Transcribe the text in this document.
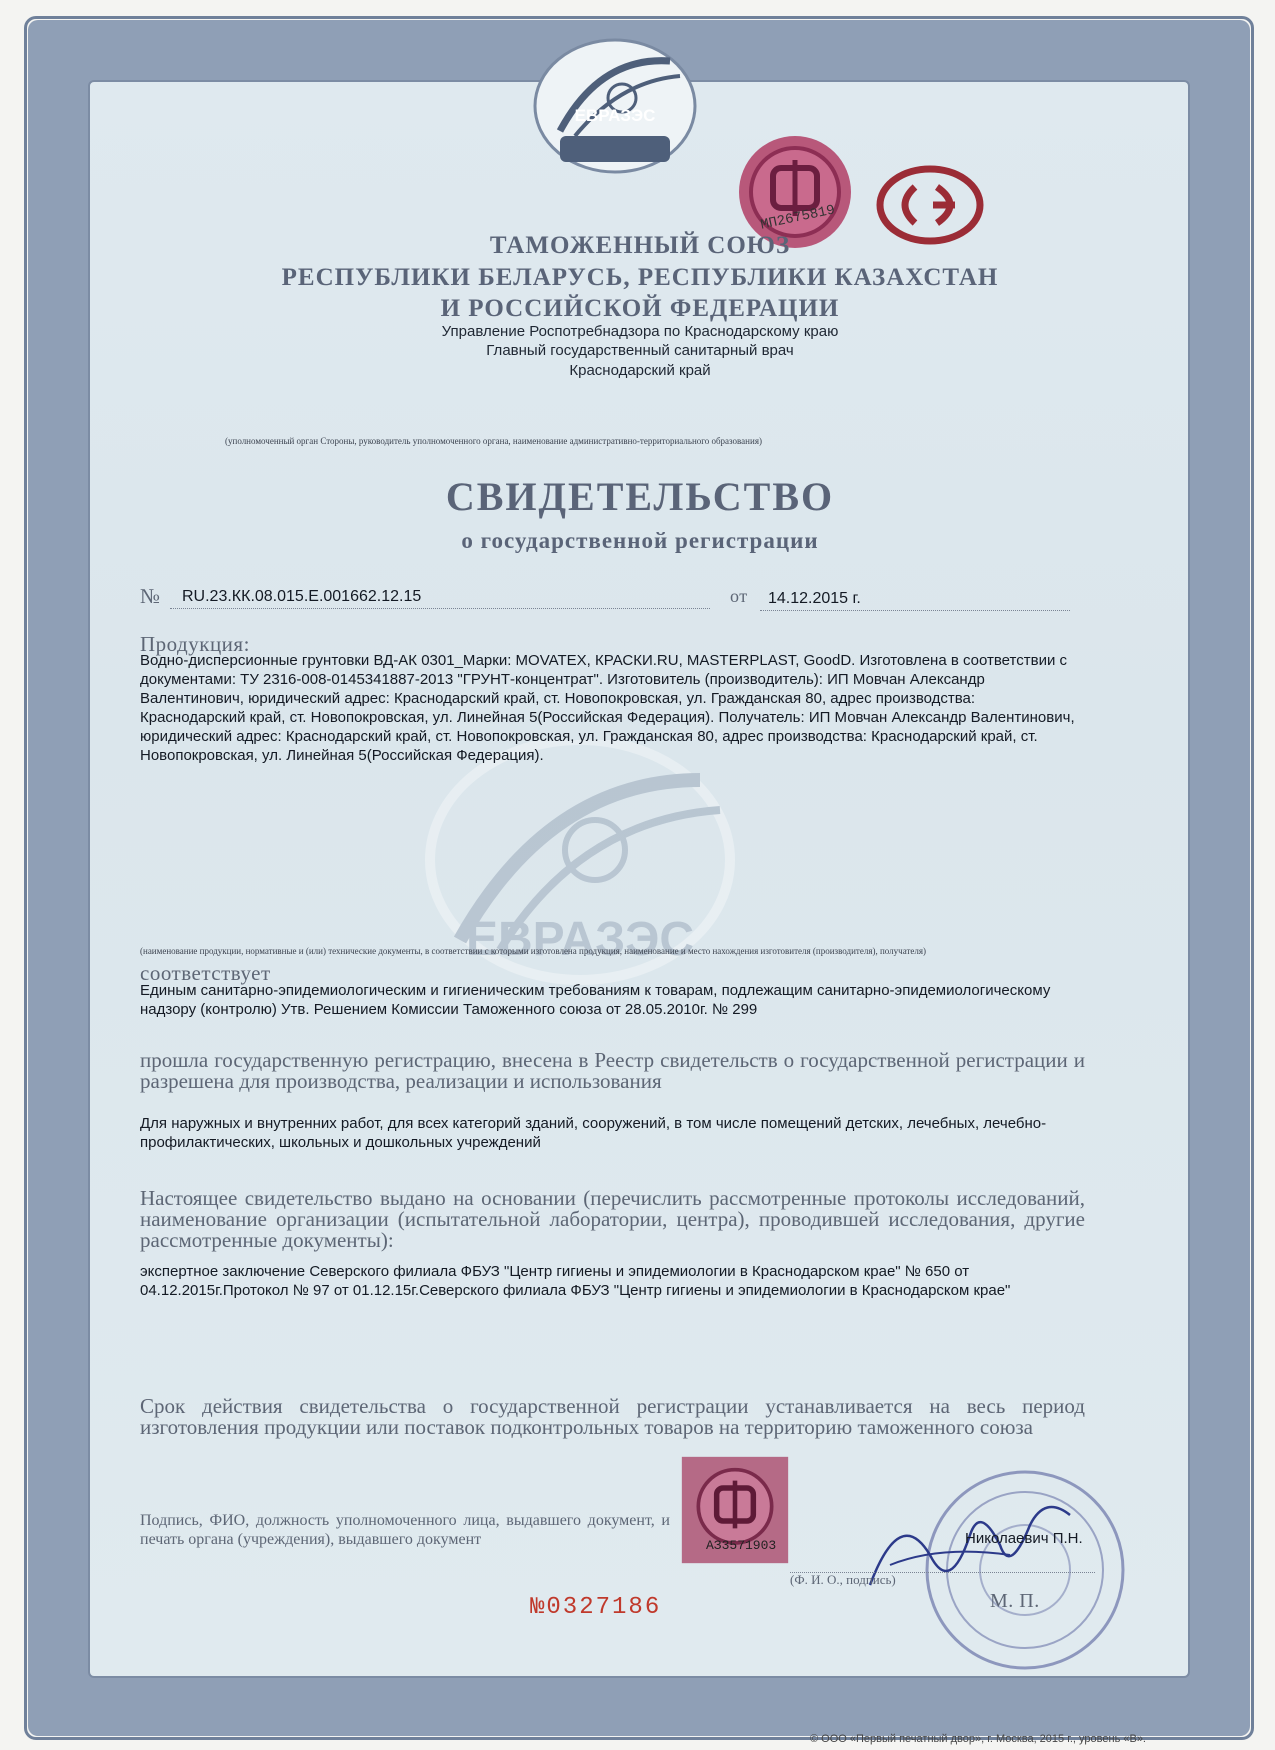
ЕВРАЗЭС
ЕВРАЗЭС
МП2675819
ТАМОЖЕННЫЙ СОЮЗ
РЕСПУБЛИКИ БЕЛАРУСЬ, РЕСПУБЛИКИ КАЗАХСТАН
И РОССИЙСКОЙ ФЕДЕРАЦИИ
Управление Роспотребнадзора по Краснодарскому краю
Главный государственный санитарный врач
Краснодарский край
(уполномоченный орган Стороны, руководитель уполномоченного органа, наименование административно-территориального образования)
СВИДЕТЕЛЬСТВО
о государственной регистрации
№ RU.23.КК.08.015.Е.001662.12.15	от 14.12.2015 г.
Продукция:
Водно-дисперсионные грунтовки ВД-АК 0301_Марки: MOVATEX, КРАСКИ.RU, MASTERPLAST, GoodD. Изготовлена в соответствии с документами: ТУ 2316-008-0145341887-2013 "ГРУНТ-концентрат". Изготовитель (производитель): ИП Мовчан Александр Валентинович, юридический адрес: Краснодарский край, ст. Новопокровская, ул. Гражданская 80, адрес производства: Краснодарский край, ст. Новопокровская, ул. Линейная 5(Российская Федерация). Получатель: ИП Мовчан Александр Валентинович, юридический адрес: Краснодарский край, ст. Новопокровская, ул. Гражданская 80, адрес производства: Краснодарский край, ст. Новопокровская, ул. Линейная 5(Российская Федерация).
(наименование продукции, нормативные и (или) технические документы, в соответствии с которыми изготовлена продукция, наименование и место нахождения изготовителя (производителя), получателя)
соответствует
Единым санитарно-эпидемиологическим и гигиеническим требованиям к товарам, подлежащим санитарно-эпидемиологическому надзору (контролю) Утв. Решением Комиссии Таможенного союза от 28.05.2010г. № 299
прошла государственную регистрацию, внесена в Реестр свидетельств о государственной регистрации и разрешена для производства, реализации и использования
Для наружных и внутренних работ, для всех категорий зданий, сооружений, в том числе помещений детских, лечебных, лечебно-профилактических, школьных и дошкольных учреждений
Настоящее свидетельство выдано на основании (перечислить рассмотренные протоколы исследований, наименование организации (испытательной лаборатории, центра), проводившей исследования, другие рассмотренные документы):
экспертное заключение Северского филиала ФБУЗ "Центр гигиены и эпидемиологии в Краснодарском крае" № 650 от 04.12.2015г.Протокол № 97 от 01.12.15г.Северского филиала ФБУЗ "Центр гигиены и эпидемиологии в Краснодарском крае"
Срок действия свидетельства о государственной регистрации устанавливается на весь период изготовления продукции или поставок подконтрольных товаров на территорию таможенного союза
АЗ3571903
Подпись, ФИО, должность уполномоченного лица, выдавшего документ, и печать органа (учреждения), выдавшего документ	Николаевич П.Н.
(Ф. И. О., подпись)
М. П.
№0327186
© ООО «Первый печатный двор», г. Москва, 2015 г., уровень «В».
